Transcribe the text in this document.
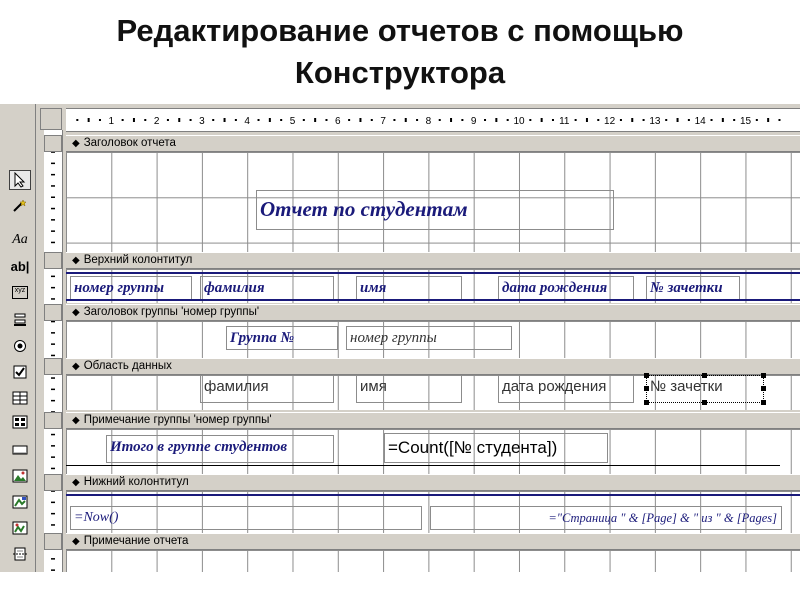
Редактирование отчетов с помощью
Конструктора
Aa
ab|
xyz
1	2	3	4	5	6	7	8	9	10	11	12	13	14	15
◆ Заголовок отчета
Отчет по студентам
◆ Верхний колонтитул
номер группы	фамилия	имя	дата рождения	№ зачетки
◆ Заголовок группы 'номер группы'
Группа №	номер группы
◆ Область данных
фамилия	имя	дата рождения	№ зачетки
◆ Примечание группы 'номер группы'
Итого в группе студентов	=Count([№ студента])
◆ Нижний колонтитул
=Now()	="Страница " & [Page] & " из " & [Pages]
◆ Примечание отчета
